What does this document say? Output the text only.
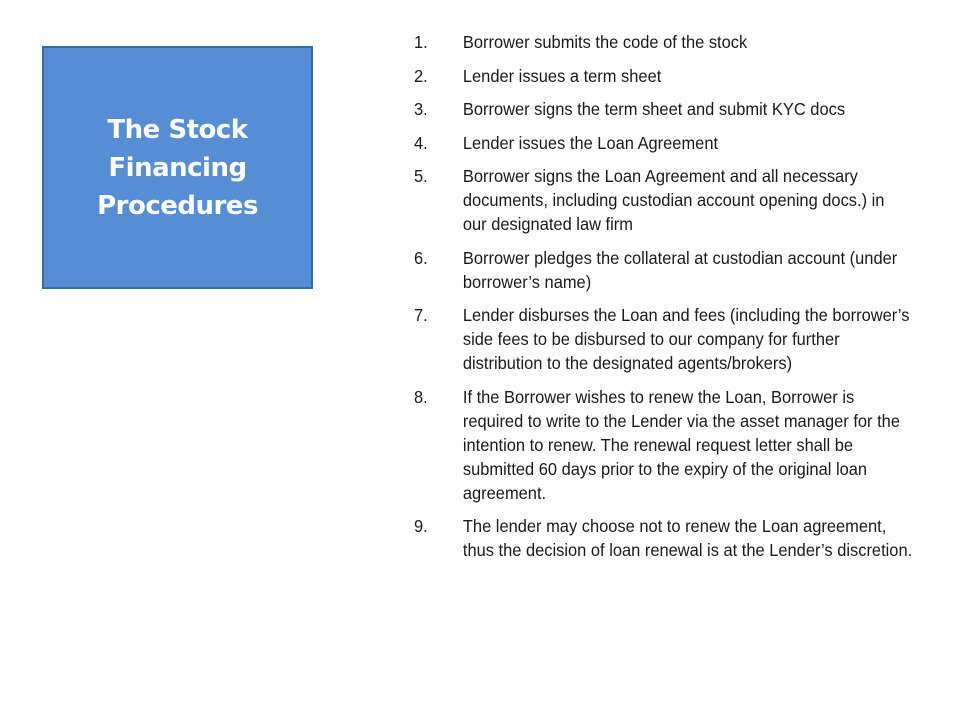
The Stock
Financing
Procedures
1.	Borrower submits the code of the stock
2.	Lender issues a term sheet
3.	Borrower signs the term sheet and submit KYC docs
4.	Lender issues the Loan Agreement
5.	Borrower signs the Loan Agreement and all necessary documents, including custodian account opening docs.) in our designated law firm
6.	Borrower pledges the collateral at custodian account (under borrower’s name)
7.	Lender disburses the Loan and fees (including the borrower’s side fees to be disbursed to our company for further distribution to the designated agents/brokers)
8.	If the Borrower wishes to renew the Loan, Borrower is required to write to the Lender via the asset manager for the intention to renew. The renewal request letter shall be submitted 60 days prior to the expiry of the original loan agreement.
9.	The lender may choose not to renew the Loan agreement, thus the decision of loan renewal is at the Lender’s discretion.
